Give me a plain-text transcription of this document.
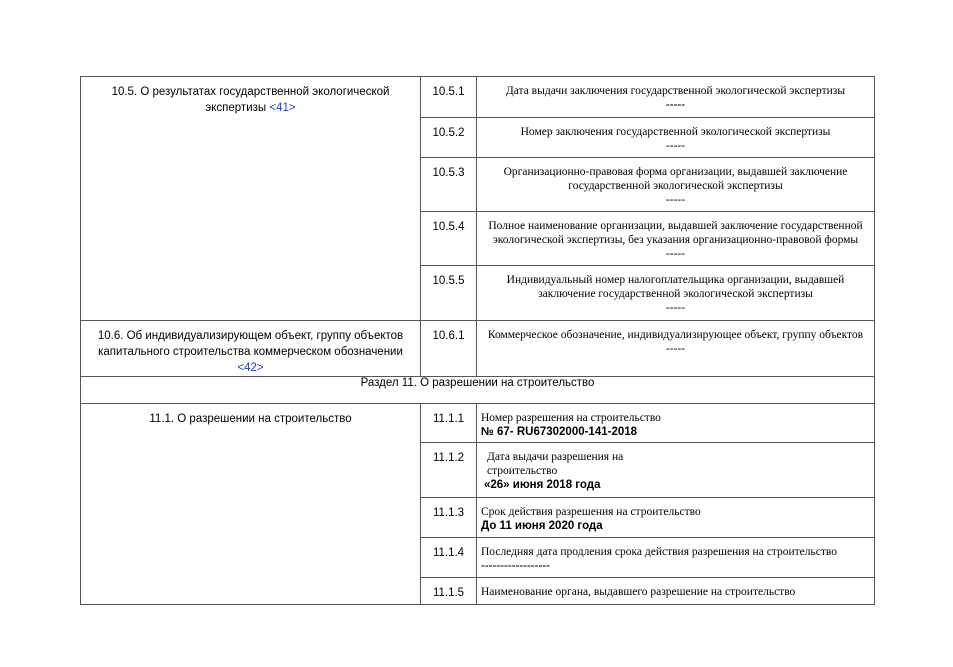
10.5. О результатах государственной экологической экспертизы <41>	10.5.1	Дата выдачи заключения государственной экологической экспертизы
-----

	10.5.2	Номер заключения государственной экологической экспертизы
-----

	10.5.3	Организационно-правовая форма организации, выдавшей заключение государственной экологической экспертизы
-----

	10.5.4	Полное наименование организации, выдавшей заключение государственной экологической экспертизы, без указания организационно-правовой формы
-----

	10.5.5	Индивидуальный номер налогоплательщика организации, выдавшей заключение государственной экологической экспертизы
-----

10.6. Об индивидуализирующем объект, группу объектов капитального строительства коммерческом обозначении <42>	10.6.1	Коммерческое обозначение, индивидуализирующее объект, группу объектов
-----

Раздел 11. О разрешении на строительство		

11.1. О разрешении на строительство	11.1.1	Номер разрешения на строительство
№ 67- RU67302000-141-2018

	11.1.2	Дата выдачи разрешения на
строительство
«26» июня 2018 года

	11.1.3	Срок действия разрешения на строительство
До 11 июня 2020 года

	11.1.4	Последняя дата продления срока действия разрешения на строительство
------------------

	11.1.5	Наименование органа, выдавшего разрешение на строительство
